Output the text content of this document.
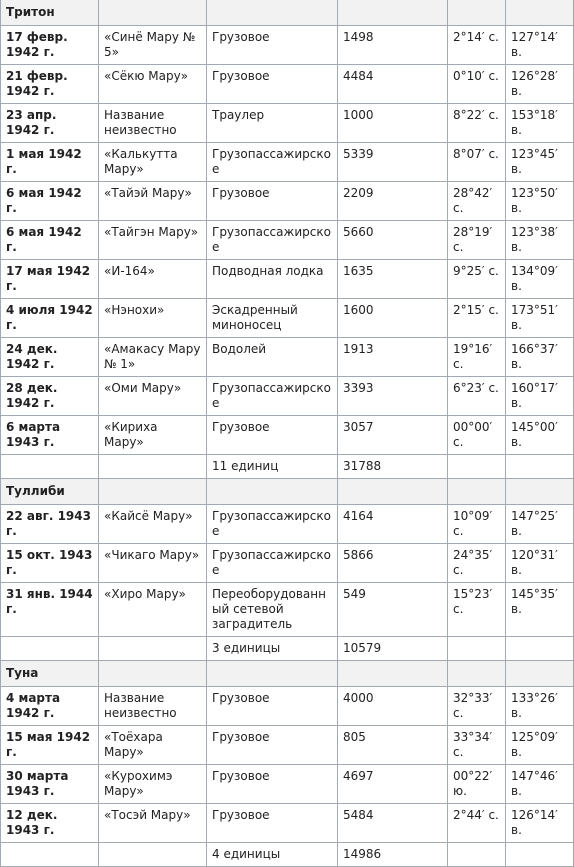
Тритон					
17 февр. 1942 г.	«Синё Мару № 5»	Грузовое	1498	2°14′ с.	127°14′ в.
21 февр. 1942 г.	«Сёкю Мару»	Грузовое	4484	0°10′ с.	126°28′ в.
23 апр. 1942 г.	Название неизвестно	Траулер	1000	8°22′ с.	153°18′ в.
1 мая 1942 г.	«Калькутта Мару»	Грузопассажирское	5339	8°07′ с.	123°45′ в.
6 мая 1942 г.	«Тайэй Мару»	Грузовое	2209	28°42′ с.	123°50′ в.
6 мая 1942 г.	«Тайгэн Мару»	Грузопассажирское	5660	28°19′ с.	123°38′ в.
17 мая 1942 г.	«И-164»	Подводная лодка	1635	9°25′ с.	134°09′ в.
4 июля 1942 г.	«Нэнохи»	Эскадренный миноносец	1600	2°15′ с.	173°51′ в.
24 дек. 1942 г.	«Амакасу Мару № 1»	Водолей	1913	19°16′ с.	166°37′ в.
28 дек. 1942 г.	«Оми Мару»	Грузопассажирское	3393	6°23′ с.	160°17′ в.
6 марта 1943 г.	«Кириха Мару»	Грузовое	3057	00°00′ с.	145°00′ в.
		11 единиц	31788		
Туллиби					
22 авг. 1943 г.	«Кайсё Мару»	Грузопассажирское	4164	10°09′ с.	147°25′ в.
15 окт. 1943 г.	«Чикаго Мару»	Грузопассажирское	5866	24°35′ с.	120°31′ в.
31 янв. 1944 г.	«Хиро Мару»	Переоборудованный сетевой заградитель	549	15°23′ с.	145°35′ в.
		3 единицы	10579		
Туна					
4 марта 1942 г.	Название неизвестно	Грузовое	4000	32°33′ с.	133°26′ в.
15 мая 1942 г.	«Тоёхара Мару»	Грузовое	805	33°34′ с.	125°09′ в.
30 марта 1943 г.	«Курохимэ Мару»	Грузовое	4697	00°22′ ю.	147°46′ в.
12 дек. 1943 г.	«Тосэй Мару»	Грузовое	5484	2°44′ с.	126°14′ в.
		4 единицы	14986		
